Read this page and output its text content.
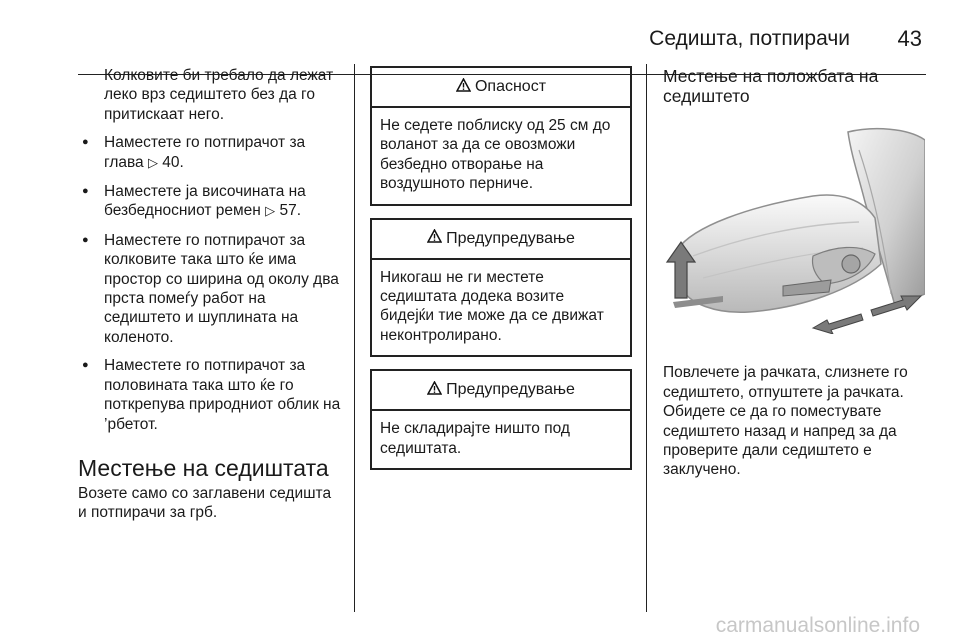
Седишта, потпирачи 43

Колковите би требало да лежат леко врз седиштето без да го притискаат него.

● Наместете го потпирачот за глава ▷ 40.

● Наместете ја височината на безбедносниот ремен ▷ 57.

● Наместете го потпирачот за колковите така што ќе има простор со ширина од околу два прста помеѓу работ на седиштето и шуплината на коленото.

● Наместете го потпирачот за половината така што ќе го поткрепува природниот облик на ’рбетот.

Местење на седиштата

Возете само со заглавени седишта и потпирачи за грб.

Опасност
Не седете поблиску од 25 см до воланот за да се овозможи безбедно отворање на воздушното перниче.
Предупредување
Никогаш не ги местете седиштата додека возите бидејќи тие може да се движат неконтролирано.
Предупредување
Не складирајте ништо под седиштата.
Местење на положбата на седиштето

Повлечете ја рачката, слизнете го седиштето, отпуштете ја рачката. Обидете се да го поместувате седиштето назад и напред за да проверите дали седиштето е заклучено.

carmanualsonline.info
